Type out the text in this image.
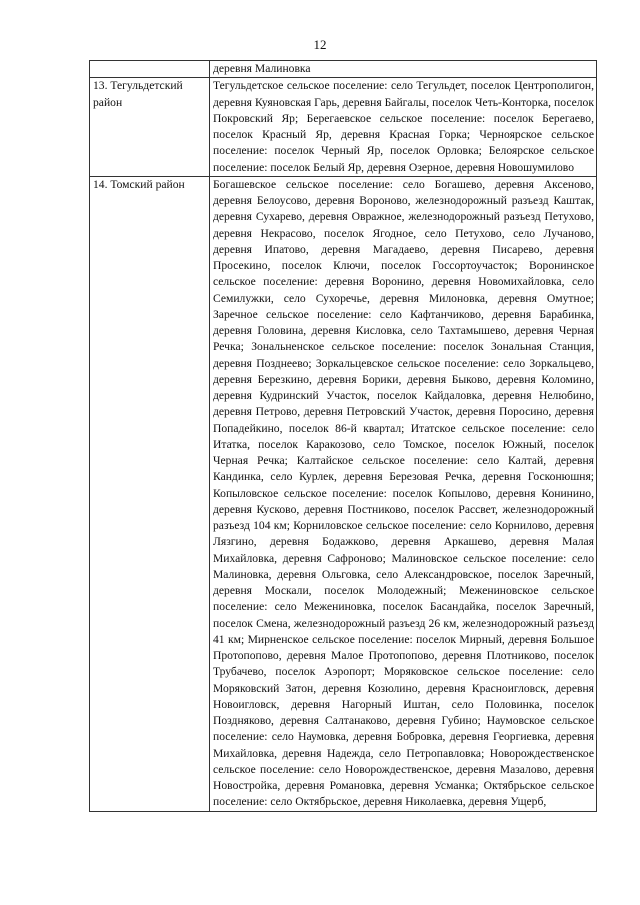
12
	деревня Малиновка
13. Тегульдетский район	Тегульдетское сельское поселение: село Тегульдет, поселок Центрополигон, деревня Куяновская Гарь, деревня Байгалы, поселок Четь-Конторка, поселок Покровский Яр; Берегаевское сельское поселение: поселок Берегаево, поселок Красный Яр, деревня Красная Горка; Черноярское сельское поселение: поселок Черный Яр, поселок Орловка; Белоярское сельское поселение: поселок Белый Яр, деревня Озерное, деревня Новошумилово
14. Томский район	Богашевское сельское поселение: село Богашево, деревня Аксеново, деревня Белоусово, деревня Вороново, железнодорожный разъезд Каштак, деревня Сухарево, деревня Овражное, железнодорожный разъезд Петухово, деревня Некрасово, поселок Ягодное, село Петухово, село Лучаново, деревня Ипатово, деревня Магадаево, деревня Писарево, деревня Просекино, поселок Ключи, поселок Госсортоучасток; Воронинское сельское поселение: деревня Воронино, деревня Новомихайловка, село Семилужки, село Сухоречье, деревня Милоновка, деревня Омутное; Заречное сельское поселение: село Кафтанчиково, деревня Барабинка, деревня Головина, деревня Кисловка, село Тахтамышево, деревня Черная Речка; Зональненское сельское поселение: поселок Зональная Станция, деревня Позднеево; Зоркальцевское сельское поселение: село Зоркальцево, деревня Березкино, деревня Борики, деревня Быково, деревня Коломино, деревня Кудринский Участок, поселок Кайдаловка, деревня Нелюбино, деревня Петрово, деревня Петровский Участок, деревня Поросино, деревня Попадейкино, поселок 86-й квартал; Итатское сельское поселение: село Итатка, поселок Каракозово, село Томское, поселок Южный, поселок Черная Речка; Калтайское сельское поселение: село Калтай, деревня Кандинка, село Курлек, деревня Березовая Речка, деревня Госконюшня; Копыловское сельское поселение: поселок Копылово, деревня Конинино, деревня Кусково, деревня Постниково, поселок Рассвет, железнодорожный разъезд 104 км; Корниловское сельское поселение: село Корнилово, деревня Лязгино, деревня Бодажково, деревня Аркашево, деревня Малая Михайловка, деревня Сафроново; Малиновское сельское поселение: село Малиновка, деревня Ольговка, село Александровское, поселок Заречный, деревня Москали, поселок Молодежный; Межениновское сельское поселение: село Межениновка, поселок Басандайка, поселок Заречный, поселок Смена, железнодорожный разъезд 26 км, железнодорожный разъезд 41 км; Мирненское сельское поселение: поселок Мирный, деревня Большое Протопопово, деревня Малое Протопопово, деревня Плотниково, поселок Трубачево, поселок Аэропорт; Моряковское сельское поселение: село Моряковский Затон, деревня Козюлино, деревня Красноигловск, деревня Новоигловск, деревня Нагорный Иштан, село Половинка, поселок Поздняково, деревня Салтанаково, деревня Губино; Наумовское сельское поселение: село Наумовка, деревня Бобровка, деревня Георгиевка, деревня Михайловка, деревня Надежда, село Петропавловка; Новорождественское сельское поселение: село Новорождественское, деревня Мазалово, деревня Новостройка, деревня Романовка, деревня Усманка; Октябрьское сельское поселение: село Октябрьское, деревня Николаевка, деревня Ущерб,
